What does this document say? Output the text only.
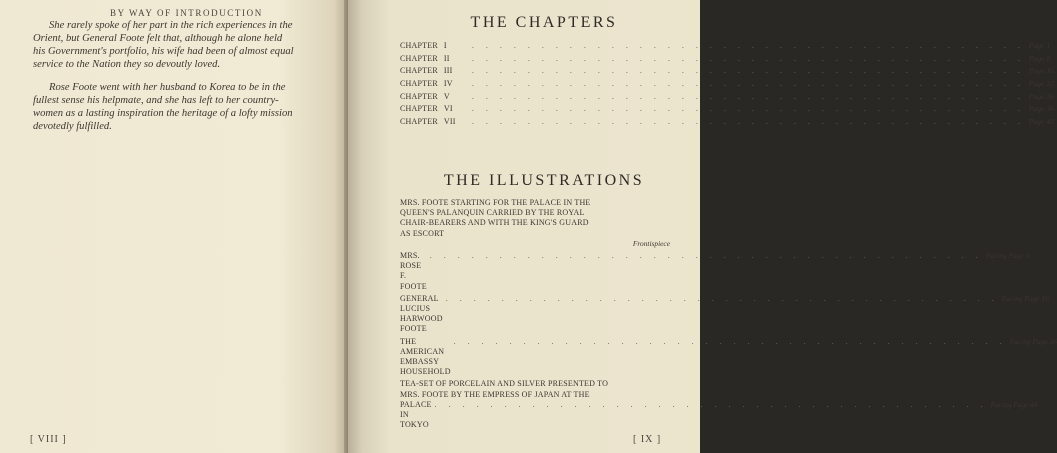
BY WAY OF INTRODUCTION

She rarely spoke of her part in the rich experiences in the Orient, but General Foote felt that, although he alone held his Government's portfolio, his wife had been of almost equal service to the Nation they so devoutly loved.

Rose Foote went with her husband to Korea to be in the fullest sense his helpmate, and she has left to her country-women as a lasting inspiration the heritage of a lofty mission devotedly fulfilled.

[ VIII ]
THE CHAPTERS
CHAPTER I	. . . . . . . . . . . . . . . . . . . . . . . . . . . . . . . . . . . . . . . . Page 1
CHAPTER II	. . . . . . . . . . . . . . . . . . . . . . . . . . . . . . . . . . . . . . . . Page 8
CHAPTER III	. . . . . . . . . . . . . . . . . . . . . . . . . . . . . . . . . . . . . . . . Page 16
CHAPTER IV	. . . . . . . . . . . . . . . . . . . . . . . . . . . . . . . . . . . . . . . . Page 22
CHAPTER V	. . . . . . . . . . . . . . . . . . . . . . . . . . . . . . . . . . . . . . . . Page 26
CHAPTER VI	. . . . . . . . . . . . . . . . . . . . . . . . . . . . . . . . . . . . . . . . Page 36
CHAPTER VII	. . . . . . . . . . . . . . . . . . . . . . . . . . . . . . . . . . . . . . . . Page 43
THE ILLUSTRATIONS
MRS. FOOTE STARTING FOR THE PALACE IN THE
QUEEN'S PALANQUIN CARRIED BY THE ROYAL
CHAIR-BEARERS AND WITH THE KING'S GUARD
AS ESCORT
Frontispiece
MRS. ROSE F. FOOTE
. . . . . . . . . . . . . . . . . . . . . . . . . . . . . . . . . . . . . . . . Facing Page 6
GENERAL LUCIUS HARWOOD FOOTE
. . . . . . . . . . . . . . . . . . . . . . . . . . . . . . . . . . . . . . . . Facing Page 16
THE AMERICAN EMBASSY HOUSEHOLD
. . . . . . . . . . . . . . . . . . . . . . . . . . . . . . . . . . . . . . . . Facing Page 36
TEA-SET OF PORCELAIN AND SILVER PRESENTED TO
MRS. FOOTE BY THE EMPRESS OF JAPAN AT THE
PALACE IN TOKYO
. . . . . . . . . . . . . . . . . . . . . . . . . . . . . . . . . . . . . . . . Facing Page 44
[ IX ]
